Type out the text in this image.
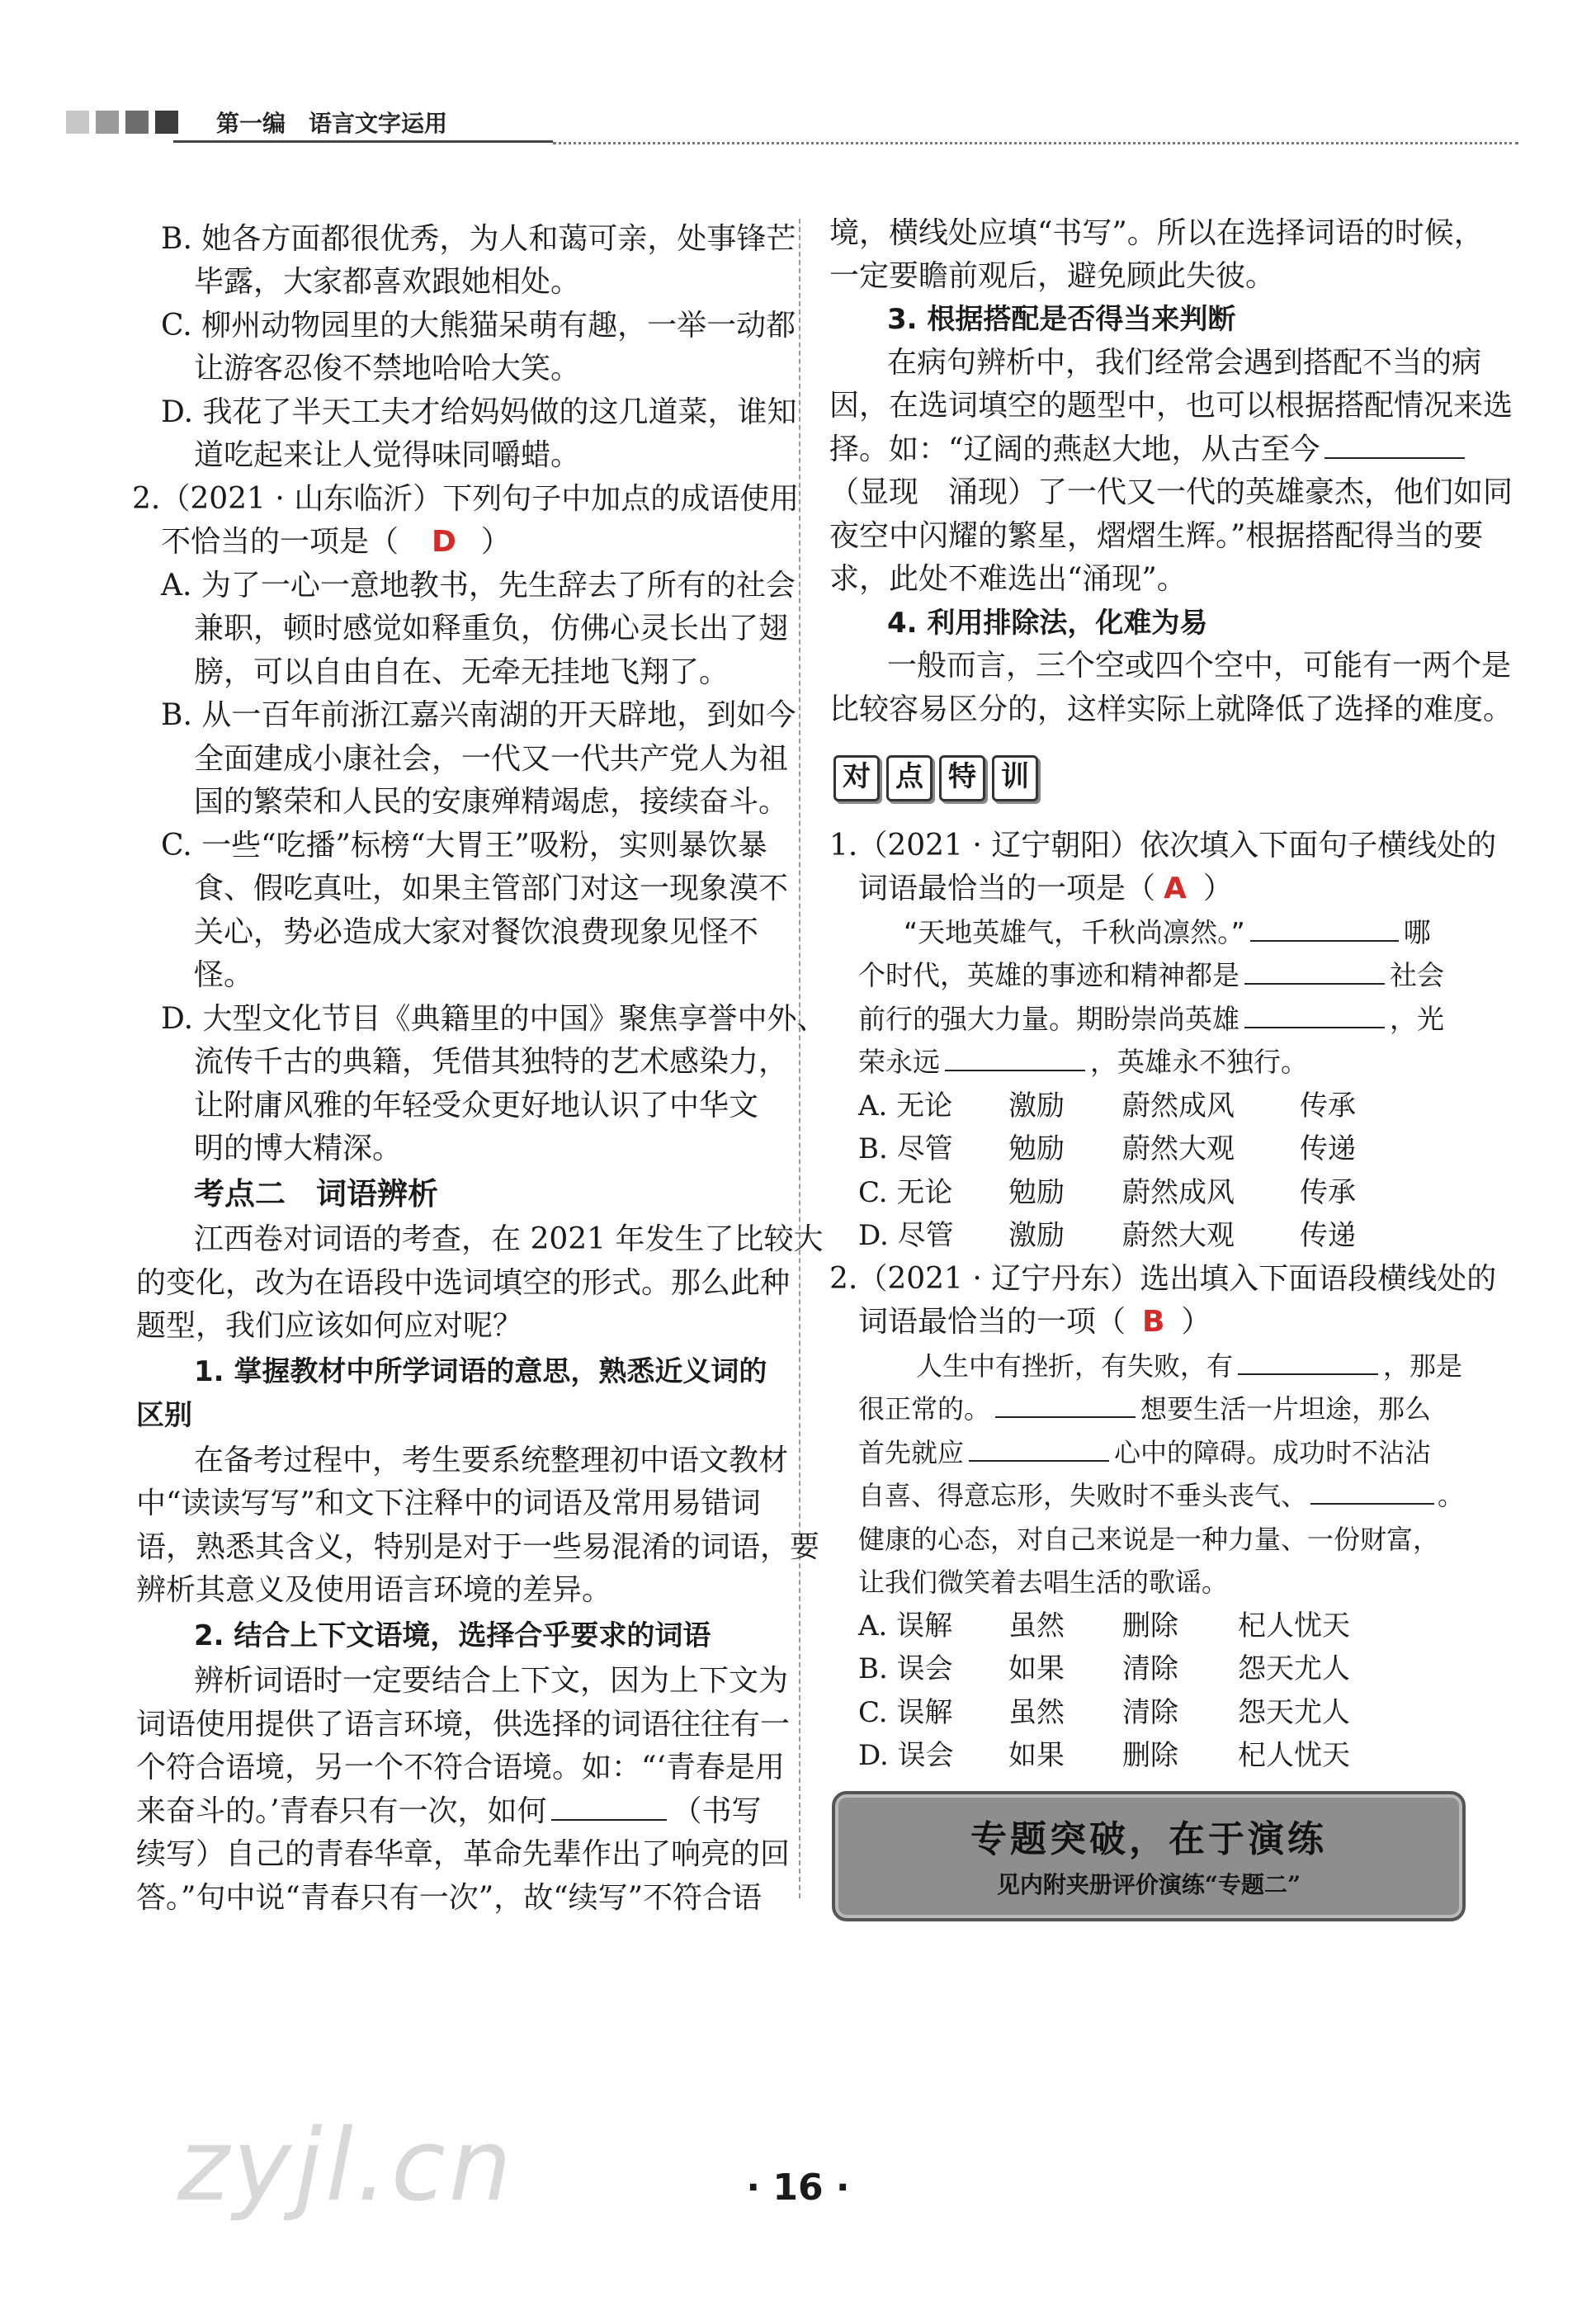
第一编　语言文字运用
B. 她各方面都很优秀，为人和蔼可亲，处事锋芒
毕露，大家都喜欢跟她相处。
C. 柳州动物园里的大熊猫呆萌有趣，一举一动都
让游客忍俊不禁地哈哈大笑。
D. 我花了半天工夫才给妈妈做的这几道菜，谁知
道吃起来让人觉得味同嚼蜡。
2.（2021 · 山东临沂）下列句子中加点的成语使用
不恰当的一项是（ D ）
A. 为了一心一意地教书，先生辞去了所有的社会
兼职，顿时感觉如释重负，仿佛心灵长出了翅
膀，可以自由自在、无牵无挂地飞翔了。
B. 从一百年前浙江嘉兴南湖的开天辟地，到如今
全面建成小康社会，一代又一代共产党人为祖
国的繁荣和人民的安康殚精竭虑，接续奋斗。
C. 一些“吃播”标榜“大胃王”吸粉，实则暴饮暴
食、假吃真吐，如果主管部门对这一现象漠不
关心，势必造成大家对餐饮浪费现象见怪不
怪。
D. 大型文化节目《典籍里的中国》聚焦享誉中外、
流传千古的典籍，凭借其独特的艺术感染力，
让附庸风雅的年轻受众更好地认识了中华文
明的博大精深。
考点二　词语辨析
江西卷对词语的考查，在 2021 年发生了比较大
的变化，改为在语段中选词填空的形式。那么此种
题型，我们应该如何应对呢？
1. 掌握教材中所学词语的意思，熟悉近义词的
区别
在备考过程中，考生要系统整理初中语文教材
中“读读写写”和文下注释中的词语及常用易错词
语，熟悉其含义，特别是对于一些易混淆的词语，要
辨析其意义及使用语言环境的差异。
2. 结合上下文语境，选择合乎要求的词语
辨析词语时一定要结合上下文，因为上下文为
词语使用提供了语言环境，供选择的词语往往有一
个符合语境，另一个不符合语境。如：“‘青春是用
来奋斗的。’青春只有一次，如何	（书写
续写）自己的青春华章，革命先辈作出了响亮的回
答。”句中说“青春只有一次”，故“续写”不符合语
境，横线处应填“书写”。所以在选择词语的时候，
一定要瞻前观后，避免顾此失彼。
3. 根据搭配是否得当来判断
在病句辨析中，我们经常会遇到搭配不当的病
因，在选词填空的题型中，也可以根据搭配情况来选
择。如：“辽阔的燕赵大地，从古至今
（显现　涌现）了一代又一代的英雄豪杰，他们如同
夜空中闪耀的繁星，熠熠生辉。”根据搭配得当的要
求，此处不难选出“涌现”。
4. 利用排除法，化难为易
一般而言，三个空或四个空中，可能有一两个是
比较容易区分的，这样实际上就降低了选择的难度。
对 点 特 训
1.（2021 · 辽宁朝阳）依次填入下面句子横线处的
词语最恰当的一项是（ A ）
“天地英雄气，千秋尚凛然。”	哪
个时代，英雄的事迹和精神都是	社会
前行的强大力量。期盼崇尚英雄	，光
荣永远	，英雄永不独行。
A. 无论 激励 蔚然成风 传承
B. 尽管 勉励 蔚然大观 传递
C. 无论 勉励 蔚然成风 传承
D. 尽管 激励 蔚然大观 传递
2.（2021 · 辽宁丹东）选出填入下面语段横线处的
词语最恰当的一项（ B ）
人生中有挫折，有失败，有	，那是
很正常的。	想要生活一片坦途，那么
首先就应	心中的障碍。成功时不沾沾
自喜、得意忘形，失败时不垂头丧气、	。
健康的心态，对自己来说是一种力量、一份财富，
让我们微笑着去唱生活的歌谣。
A. 误解 虽然 删除 杞人忧天
B. 误会 如果 清除 怨天尤人
C. 误解 虽然 清除 怨天尤人
D. 误会 如果 删除 杞人忧天
专题突破，在于演练
见内附夹册评价演练“专题二”
zyjl.cn	· 16 ·
